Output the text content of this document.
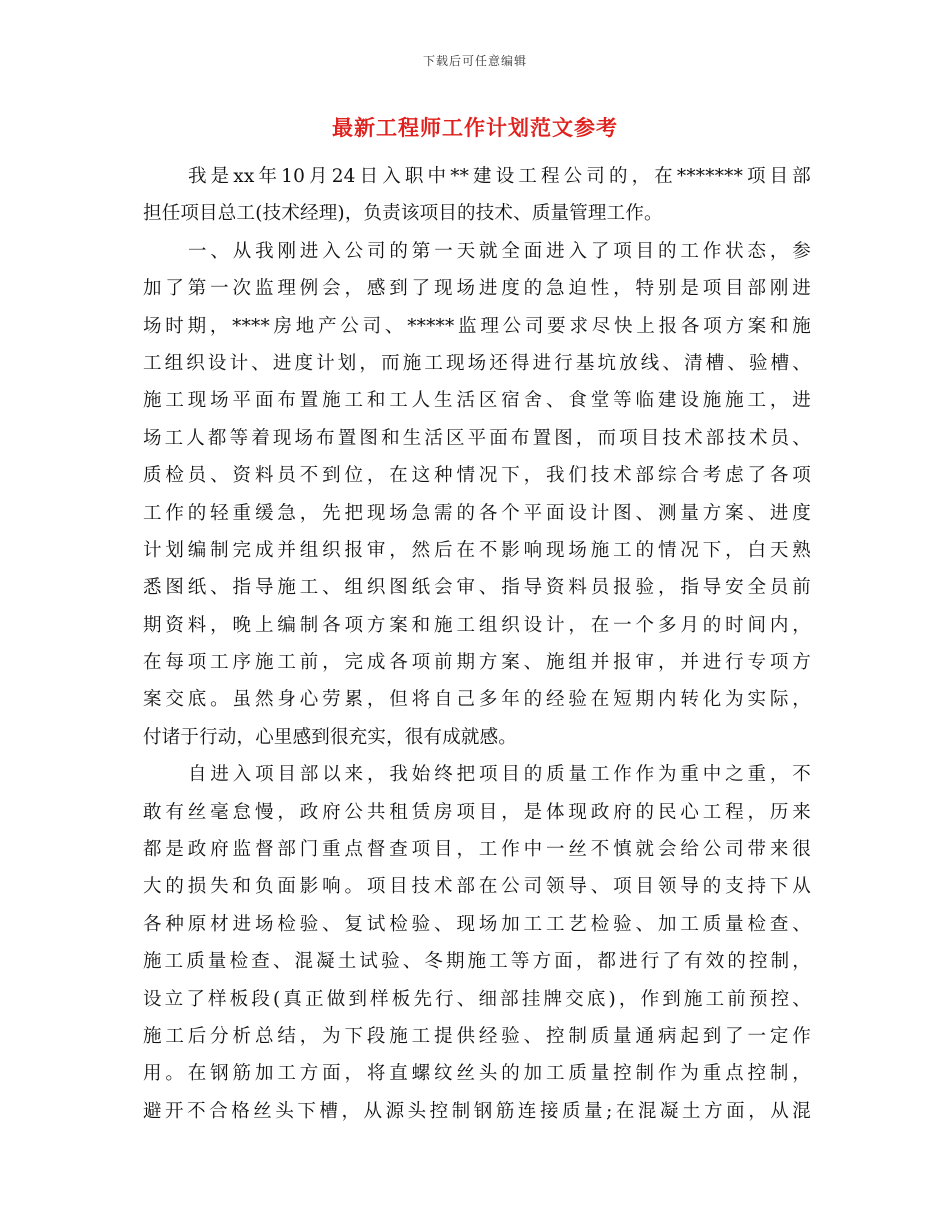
下载后可任意编辑
最新工程师工作计划范文参考
我是xx年10月24日入职中**建设工程公司的，在*******项目部
担任项目总工(技术经理)，负责该项目的技术、质量管理工作。
一、从我刚进入公司的第一天就全面进入了项目的工作状态，参
加了第一次监理例会，感到了现场进度的急迫性，特别是项目部刚进
场时期，****房地产公司、*****监理公司要求尽快上报各项方案和施
工组织设计、进度计划，而施工现场还得进行基坑放线、清槽、验槽、
施工现场平面布置施工和工人生活区宿舍、食堂等临建设施施工，进
场工人都等着现场布置图和生活区平面布置图，而项目技术部技术员、
质检员、资料员不到位，在这种情况下，我们技术部综合考虑了各项
工作的轻重缓急，先把现场急需的各个平面设计图、测量方案、进度
计划编制完成并组织报审，然后在不影响现场施工的情况下，白天熟
悉图纸、指导施工、组织图纸会审、指导资料员报验，指导安全员前
期资料，晚上编制各项方案和施工组织设计，在一个多月的时间内，
在每项工序施工前，完成各项前期方案、施组并报审，并进行专项方
案交底。虽然身心劳累，但将自己多年的经验在短期内转化为实际，
付诸于行动，心里感到很充实，很有成就感。
自进入项目部以来，我始终把项目的质量工作作为重中之重，不
敢有丝毫怠慢，政府公共租赁房项目，是体现政府的民心工程，历来
都是政府监督部门重点督查项目，工作中一丝不慎就会给公司带来很
大的损失和负面影响。项目技术部在公司领导、项目领导的支持下从
各种原材进场检验、复试检验、现场加工工艺检验、加工质量检查、
施工质量检查、混凝土试验、冬期施工等方面，都进行了有效的控制，
设立了样板段(真正做到样板先行、细部挂牌交底)，作到施工前预控、
施工后分析总结，为下段施工提供经验、控制质量通病起到了一定作
用。在钢筋加工方面，将直螺纹丝头的加工质量控制作为重点控制，
避开不合格丝头下槽，从源头控制钢筋连接质量;在混凝土方面，从混
